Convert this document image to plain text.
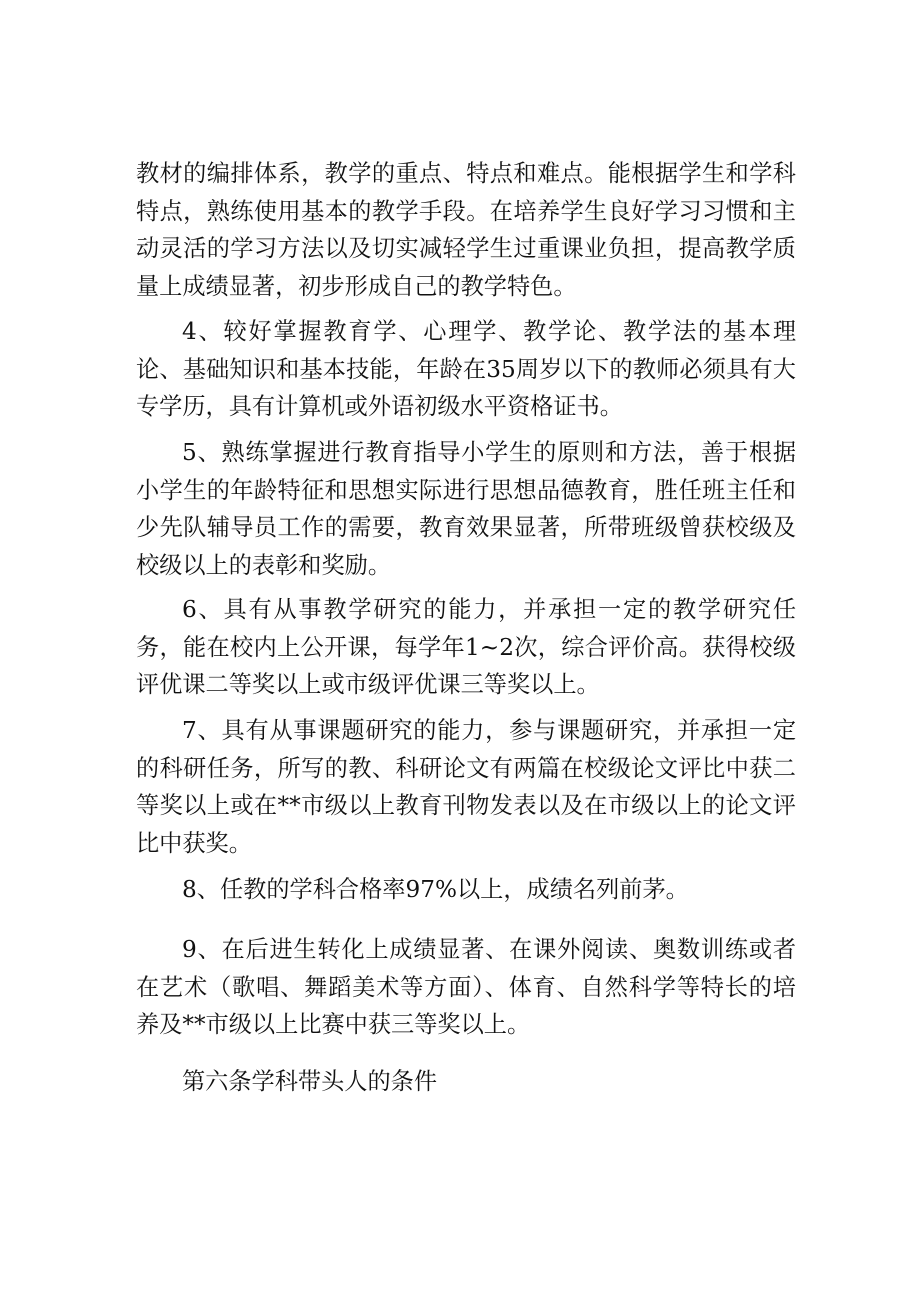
教材的编排体系，教学的重点、特点和难点。能根据学生和学科特点，熟练使用基本的教学手段。在培养学生良好学习习惯和主动灵活的学习方法以及切实减轻学生过重课业负担，提高教学质量上成绩显著，初步形成自己的教学特色。

4、较好掌握教育学、心理学、教学论、教学法的基本理论、基础知识和基本技能，年龄在35周岁以下的教师必须具有大专学历，具有计算机或外语初级水平资格证书。

5、熟练掌握进行教育指导小学生的原则和方法，善于根据小学生的年龄特征和思想实际进行思想品德教育，胜任班主任和少先队辅导员工作的需要，教育效果显著，所带班级曾获校级及校级以上的表彰和奖励。

6、具有从事教学研究的能力，并承担一定的教学研究任务，能在校内上公开课，每学年1~2次，综合评价高。获得校级评优课二等奖以上或市级评优课三等奖以上。

7、具有从事课题研究的能力，参与课题研究，并承担一定的科研任务，所写的教、科研论文有两篇在校级论文评比中获二等奖以上或在**市级以上教育刊物发表以及在市级以上的论文评比中获奖。

8、任教的学科合格率97%以上，成绩名列前茅。

9、在后进生转化上成绩显著、在课外阅读、奥数训练或者在艺术（歌唱、舞蹈美术等方面）、体育、自然科学等特长的培养及**市级以上比赛中获三等奖以上。

第六条学科带头人的条件
